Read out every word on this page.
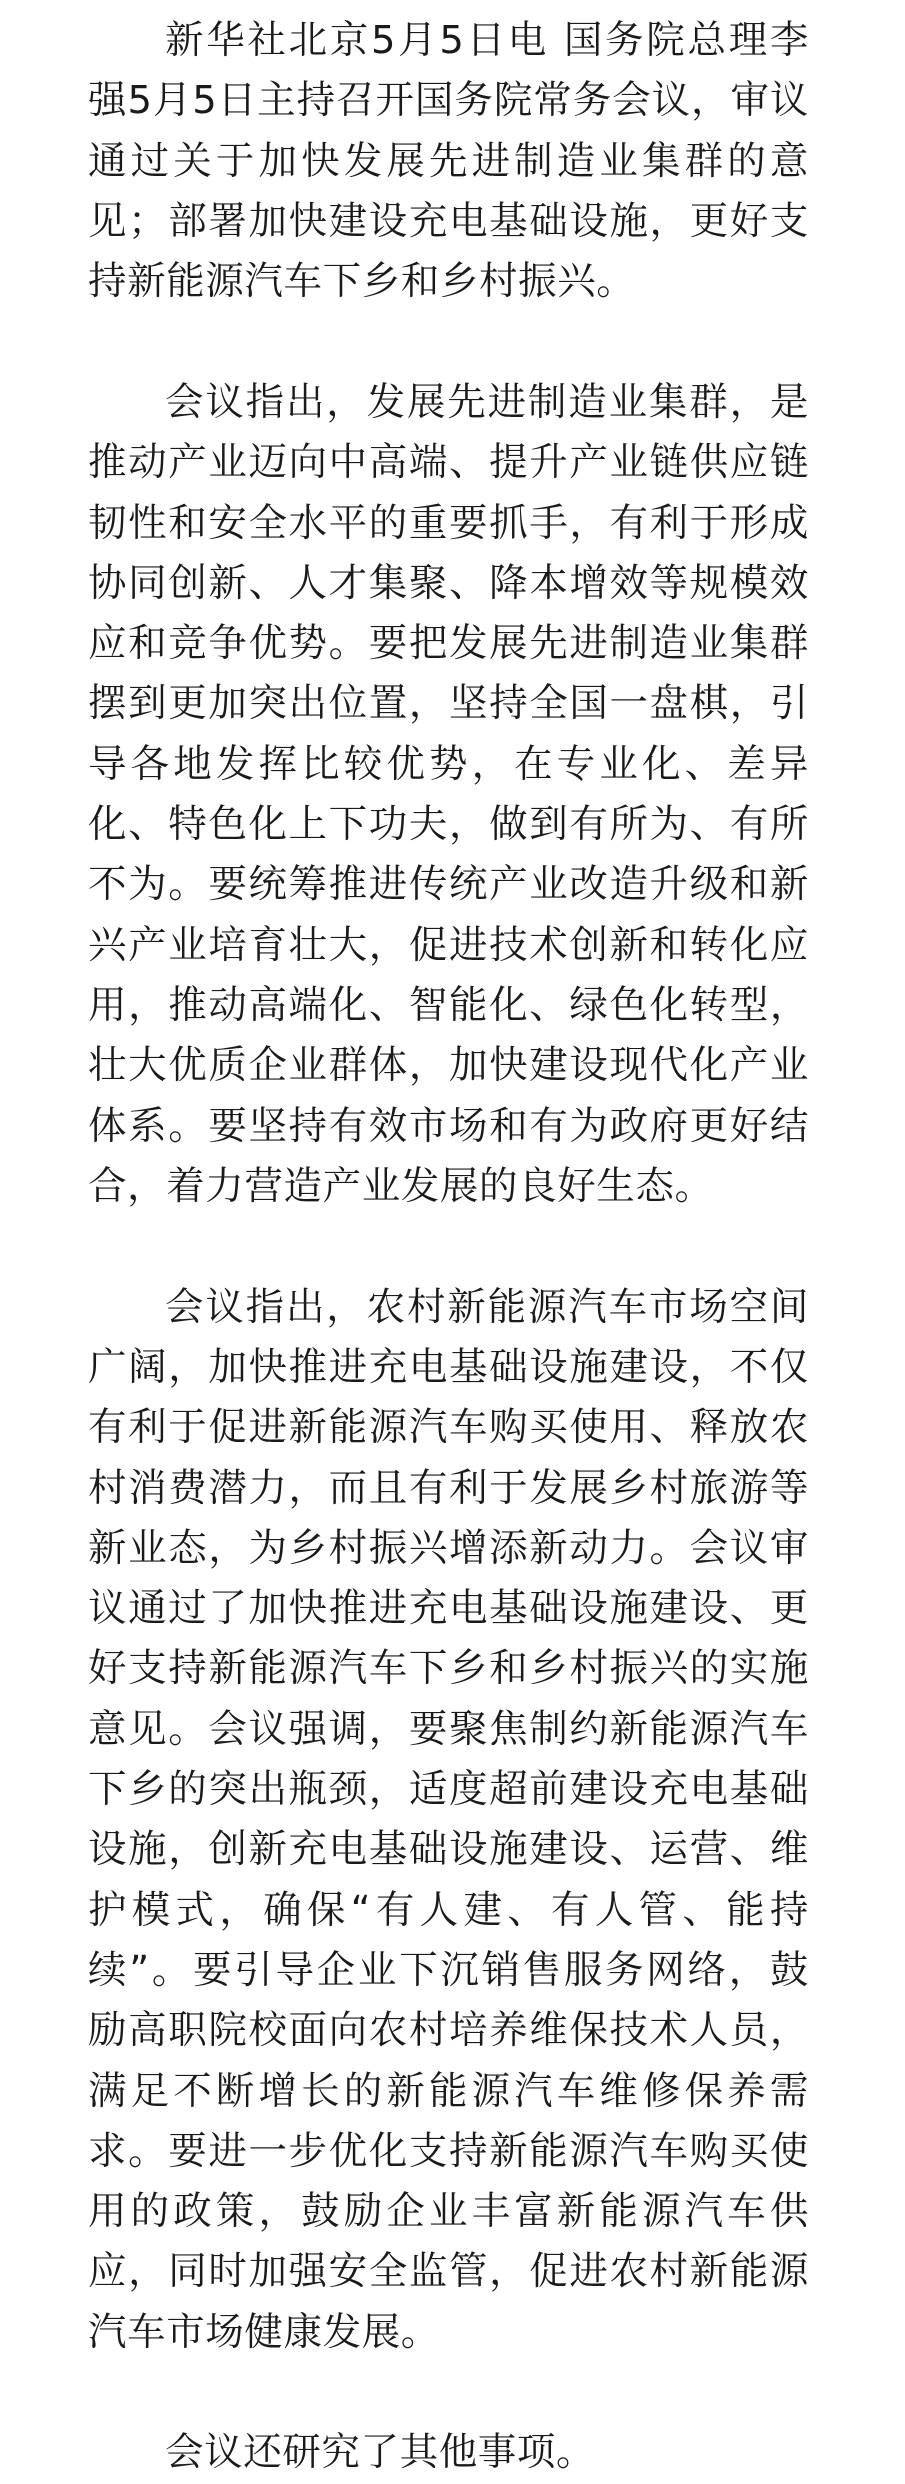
新华社北京5月5日电 国务院总理李强5月5日主持召开国务院常务会议，审议通过关于加快发展先进制造业集群的意见；部署加快建设充电基础设施，更好支持新能源汽车下乡和乡村振兴。

会议指出，发展先进制造业集群，是推动产业迈向中高端、提升产业链供应链韧性和安全水平的重要抓手，有利于形成协同创新、人才集聚、降本增效等规模效应和竞争优势。要把发展先进制造业集群摆到更加突出位置，坚持全国一盘棋，引导各地发挥比较优势，在专业化、差异化、特色化上下功夫，做到有所为、有所不为。要统筹推进传统产业改造升级和新兴产业培育壮大，促进技术创新和转化应用，推动高端化、智能化、绿色化转型，壮大优质企业群体，加快建设现代化产业体系。要坚持有效市场和有为政府更好结合，着力营造产业发展的良好生态。

会议指出，农村新能源汽车市场空间广阔，加快推进充电基础设施建设，不仅有利于促进新能源汽车购买使用、释放农村消费潜力，而且有利于发展乡村旅游等新业态，为乡村振兴增添新动力。会议审议通过了加快推进充电基础设施建设、更好支持新能源汽车下乡和乡村振兴的实施意见。会议强调，要聚焦制约新能源汽车下乡的突出瓶颈，适度超前建设充电基础设施，创新充电基础设施建设、运营、维护模式，确保“有人建、有人管、能持续”。要引导企业下沉销售服务网络，鼓励高职院校面向农村培养维保技术人员，满足不断增长的新能源汽车维修保养需求。要进一步优化支持新能源汽车购买使用的政策，鼓励企业丰富新能源汽车供应，同时加强安全监管，促进农村新能源汽车市场健康发展。

会议还研究了其他事项。
